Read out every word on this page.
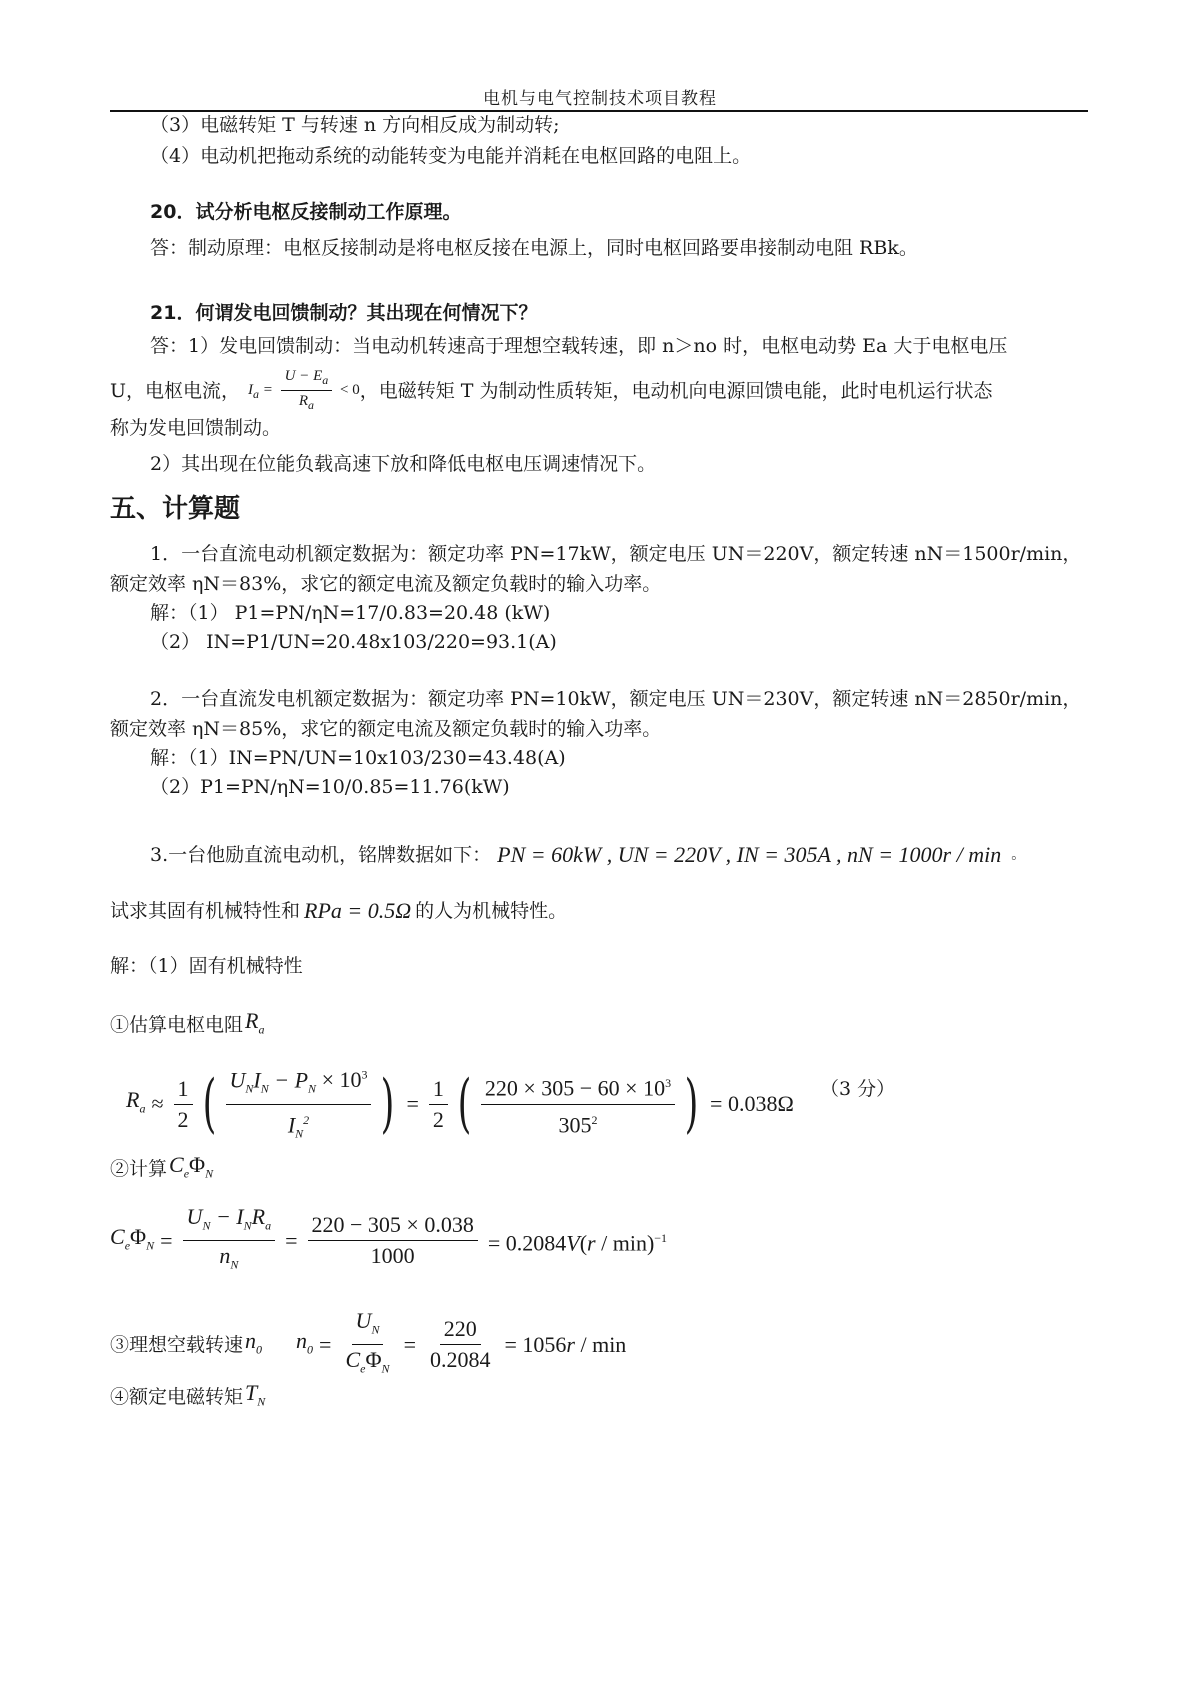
电机与电气控制技术项目教程
（3）电磁转矩 T 与转速 n 方向相反成为制动转;
（4）电动机把拖动系统的动能转变为电能并消耗在电枢回路的电阻上。
20．试分析电枢反接制动工作原理。
答：制动原理：电枢反接制动是将电枢反接在电源上，同时电枢回路要串接制动电阻 RBk。
21．何谓发电回馈制动？其出现在何情况下？
答：1）发电回馈制动：当电动机转速高于理想空载转速，即 n＞no 时，电枢电动势 Ea 大于电枢电压
U，电枢电流， $I_a = \frac{U - E_a}{R_a} < 0$ ，电磁转矩 T 为制动性质转矩，电动机向电源回馈电能，此时电机运行状态
称为发电回馈制动。
2）其出现在位能负载高速下放和降低电枢电压调速情况下。
五、计算题
1．一台直流电动机额定数据为：额定功率 PN=17kW，额定电压 UN＝220V，额定转速 nN＝1500r/min，
额定效率 ηN＝83%，求它的额定电流及额定负载时的输入功率。
解：（1） P1=PN/ηN=17/0.83=20.48 (kW)
（2） IN=P1/UN=20.48x103/220=93.1(A)
2．一台直流发电机额定数据为：额定功率 PN=10kW，额定电压 UN＝230V，额定转速 nN＝2850r/min，
额定效率 ηN＝85%，求它的额定电流及额定负载时的输入功率。
解：（1）IN=PN/UN=10x103/230=43.48(A)
（2）P1=PN/ηN=10/0.85=11.76(kW)
3.一台他励直流电动机，铭牌数据如下： PN = 60kW , UN = 220V , IN = 305A , nN = 1000r / min 。
试求其固有机械特性和 RPa = 0.5Ω 的人为机械特性。
解：（1）固有机械特性
①估算电枢电阻 $R_a$
$R_a \approx \frac{1}{2}$ ( $\frac{U_NI_N - P_N \times 10^3}{I_N^2}$ ) = $\frac{1}{2}$ ( $\frac{220 \times 305 - 60 \times 10^3}{305^2}$ ) = 0.038Ω
（3 分）
②计算 $C_e\Phi_N$
$C_e\Phi_N = \frac{U_N - I_NR_a}{n_N} = \frac{220 - 305 \times 0.038}{1000} = 0.2084V(r / \min)^{-1}$
③理想空载转速 $n_0$ $n_0 = \frac{U_N}{C_e\Phi_N} = \frac{220}{0.2084} = 1056r / \min$
④额定电磁转矩 $T_N$
